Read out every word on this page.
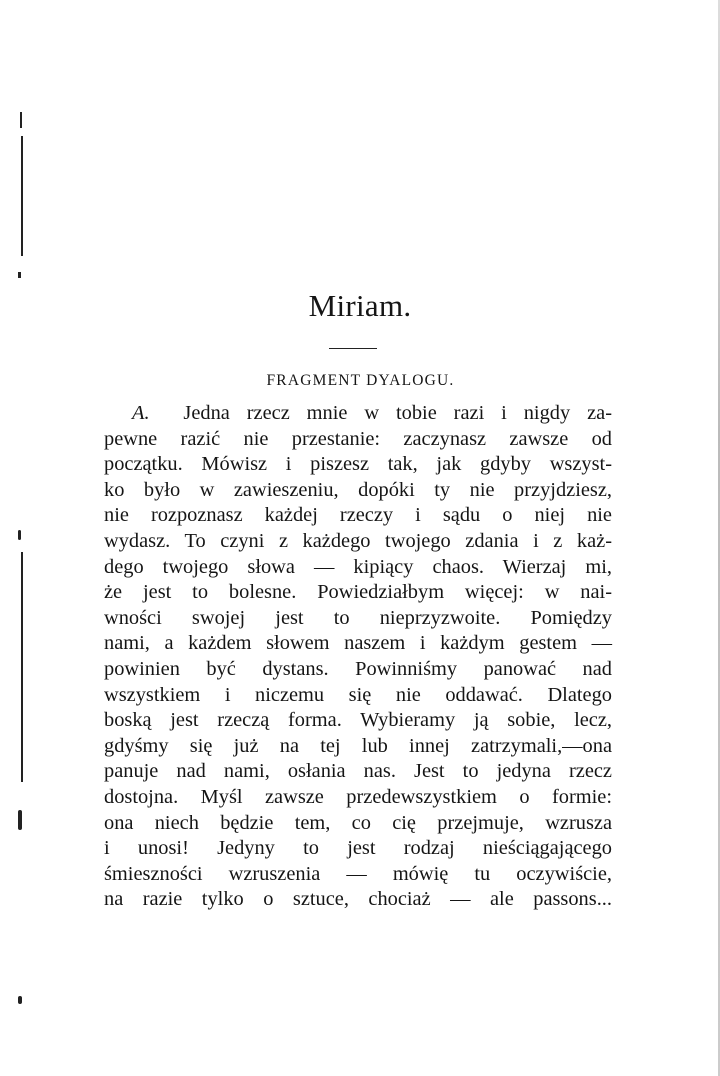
Miriam.
FRAGMENT DYALOGU.
A. Jedna rzecz mnie w tobie razi i nigdy za-
pewne razić nie przestanie: zaczynasz zawsze od
początku. Mówisz i piszesz tak, jak gdyby wszyst-
ko było w zawieszeniu, dopóki ty nie przyjdziesz,
nie rozpoznasz każdej rzeczy i sądu o niej nie
wydasz. To czyni z każdego twojego zdania i z każ-
dego twojego słowa — kipiący chaos. Wierzaj mi,
że jest to bolesne. Powiedziałbym więcej: w nai-
wności swojej jest to nieprzyzwoite. Pomiędzy
nami, a każdem słowem naszem i każdym gestem —
powinien być dystans. Powinniśmy panować nad
wszystkiem i niczemu się nie oddawać. Dlatego
boską jest rzeczą forma. Wybieramy ją sobie, lecz,
gdyśmy się już na tej lub innej zatrzymali,—ona
panuje nad nami, osłania nas. Jest to jedyna rzecz
dostojna. Myśl zawsze przedewszystkiem o formie:
ona niech będzie tem, co cię przejmuje, wzrusza
i unosi! Jedyny to jest rodzaj nieściągającego
śmieszności wzruszenia — mówię tu oczywiście,
na razie tylko o sztuce, chociaż — ale passons...
